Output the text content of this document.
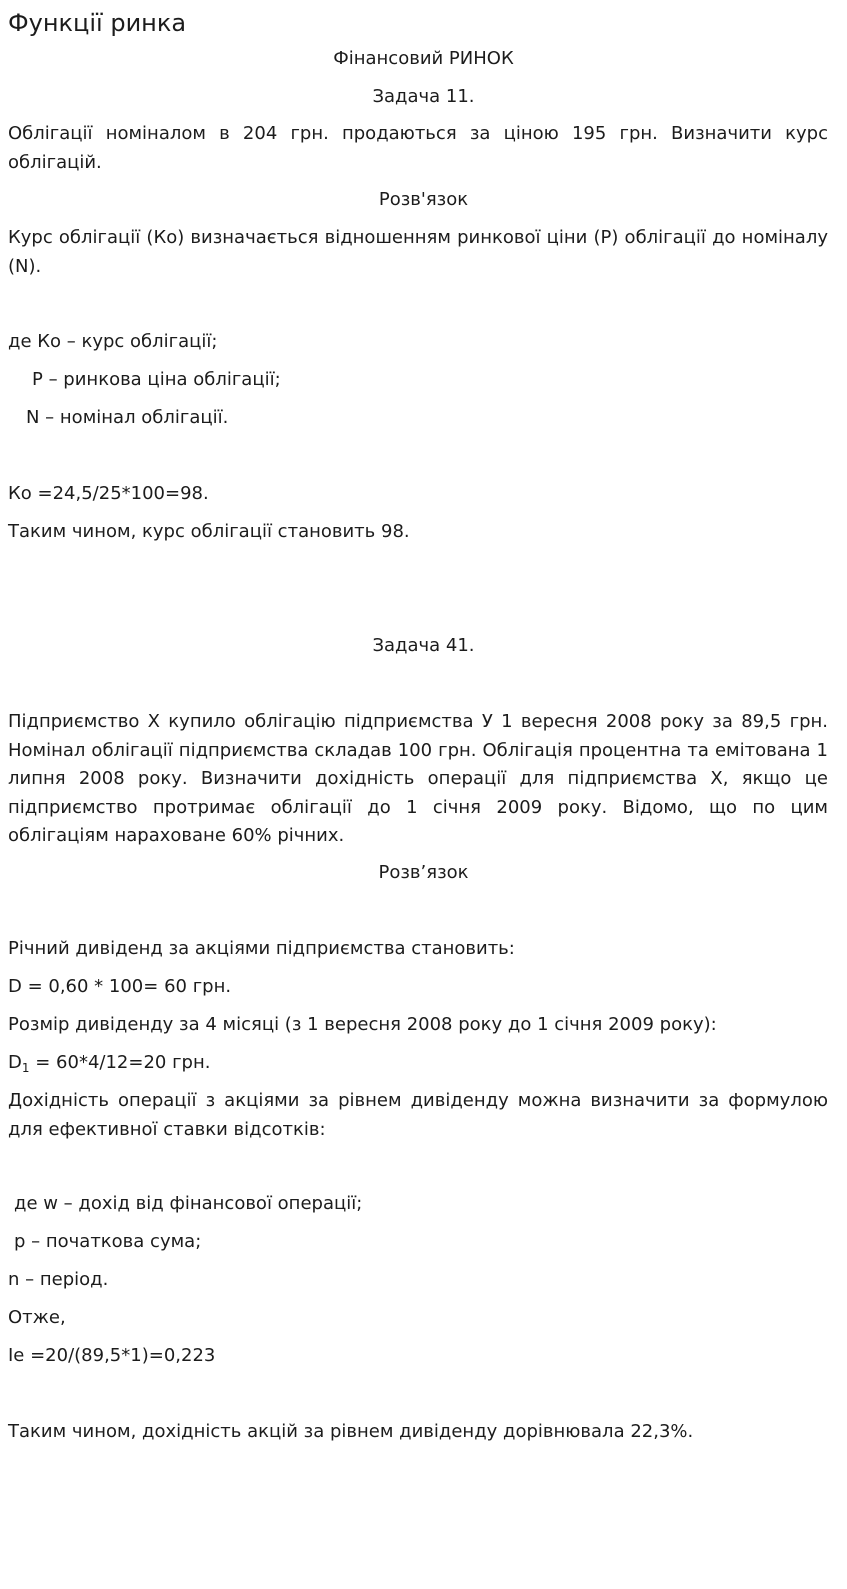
Функції ринка
Фінансовий РИНОК
Задача 11.
Облігації номіналом в 204 грн. продаються за ціною 195 грн. Визначити курс облігацій.
Розв'язок
Курс облігації (Ко) визначається відношенням ринкової ціни (Р) облігації до номіналу (N).
де Ко – курс облігації;
P – ринкова ціна облігації;
N – номінал облігації.
Ко =24,5/25*100=98.
Таким чином, курс облігації становить 98.
Задача 41.
Підприємство Х купило облігацію підприємства У 1 вересня 2008 року за 89,5 грн. Номінал облігації підприємства складав 100 грн. Облігація процентна та емітована 1 липня 2008 року. Визначити дохідність операції для підприємства Х, якщо це підприємство протримає облігації до 1 січня 2009 року. Відомо, що по цим облігаціям нараховане 60% річних.
Розв’язок
Річний дивіденд за акціями підприємства становить:
D = 0,60 * 100= 60 грн.
Розмір дивіденду за 4 місяці (з 1 вересня 2008 року до 1 січня 2009 року):
$D_1 = 60*4/12=20$ грн.
Дохідність операції з акціями за рівнем дивіденду можна визначити за формулою для ефективної ставки відсотків:
де w – дохід від фінансової операції;
p – початкова сума;
n – період.
Отже,
Ie =20/(89,5*1)=0,223
Таким чином, дохідність акцій за рівнем дивіденду дорівнювала 22,3%.
